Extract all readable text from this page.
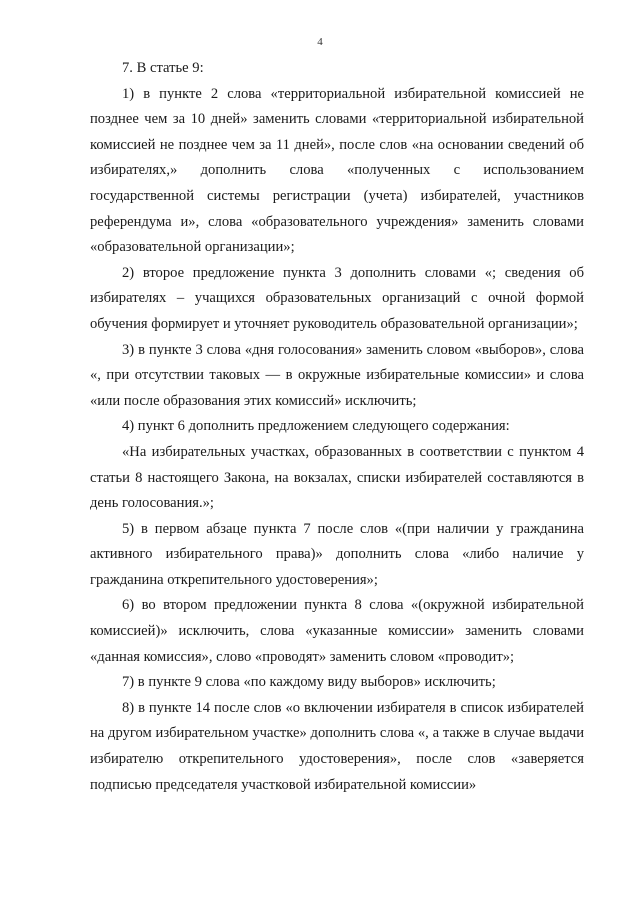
4

7. В статье 9:

1) в пункте 2 слова «территориальной избирательной комиссией не позднее чем за 10 дней» заменить словами «территориальной избирательной комиссией не позднее чем за 11 дней», после слов «на основании сведений об избирателях,» дополнить слова «полученных с использованием государственной системы регистрации (учета) избирателей, участников референдума и», слова «образовательного учреждения» заменить словами «образовательной организации»;

2) второе предложение пункта 3 дополнить словами «; сведения об избирателях – учащихся образовательных организаций с очной формой обучения формирует и уточняет руководитель образовательной организации»;

3) в пункте 3 слова «дня голосования» заменить словом «выборов», слова «, при отсутствии таковых — в окружные избирательные комиссии» и слова «или после образования этих комиссий» исключить;

4) пункт 6 дополнить предложением следующего содержания:

«На избирательных участках, образованных в соответствии с пунктом 4 статьи 8 настоящего Закона, на вокзалах, списки избирателей составляются в день голосования.»;

5) в первом абзаце пункта 7 после слов «(при наличии у гражданина активного избирательного права)» дополнить слова «либо наличие у гражданина открепительного удостоверения»;

6) во втором предложении пункта 8 слова «(окружной избирательной комиссией)» исключить, слова «указанные комиссии» заменить словами «данная комиссия», слово «проводят» заменить словом «проводит»;

7) в пункте 9 слова «по каждому виду выборов» исключить;

8) в пункте 14 после слов «о включении избирателя в список избирателей на другом избирательном участке» дополнить слова «, а также в случае выдачи избирателю открепительного удостоверения», после слов «заверяется подписью председателя участковой избирательной комиссии»
